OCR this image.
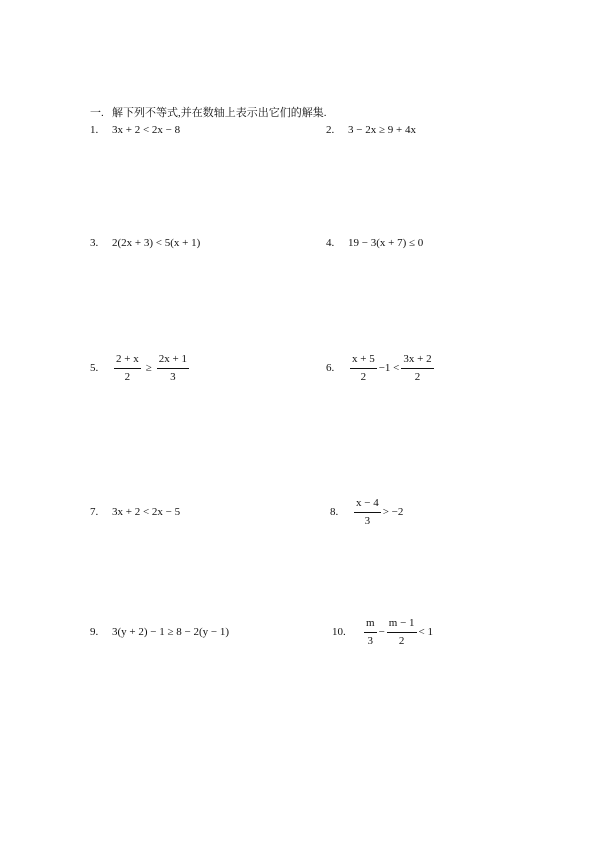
一. 解下列不等式,并在数轴上表示出它们的解集.
1.	3x + 2 < 2x − 8	2.	3 − 2x ≥ 9 + 4x
3.	2(2x + 3) < 5(x + 1)	4.	19 − 3(x + 7) ≤ 0
5.	$\frac{2 + x}{2} \ge \frac{2x + 1}{3}$	6.	$\frac{x + 5}{2} -1 < \frac{3x + 2}{2}$
7.	3x + 2 < 2x − 5	8.	$\frac{x - 4}{3} > -2$
9.	3(y + 2) − 1 ≥ 8 − 2(y − 1)	10.	$\frac{m}{3} - \frac{m - 1}{2} < 1$
